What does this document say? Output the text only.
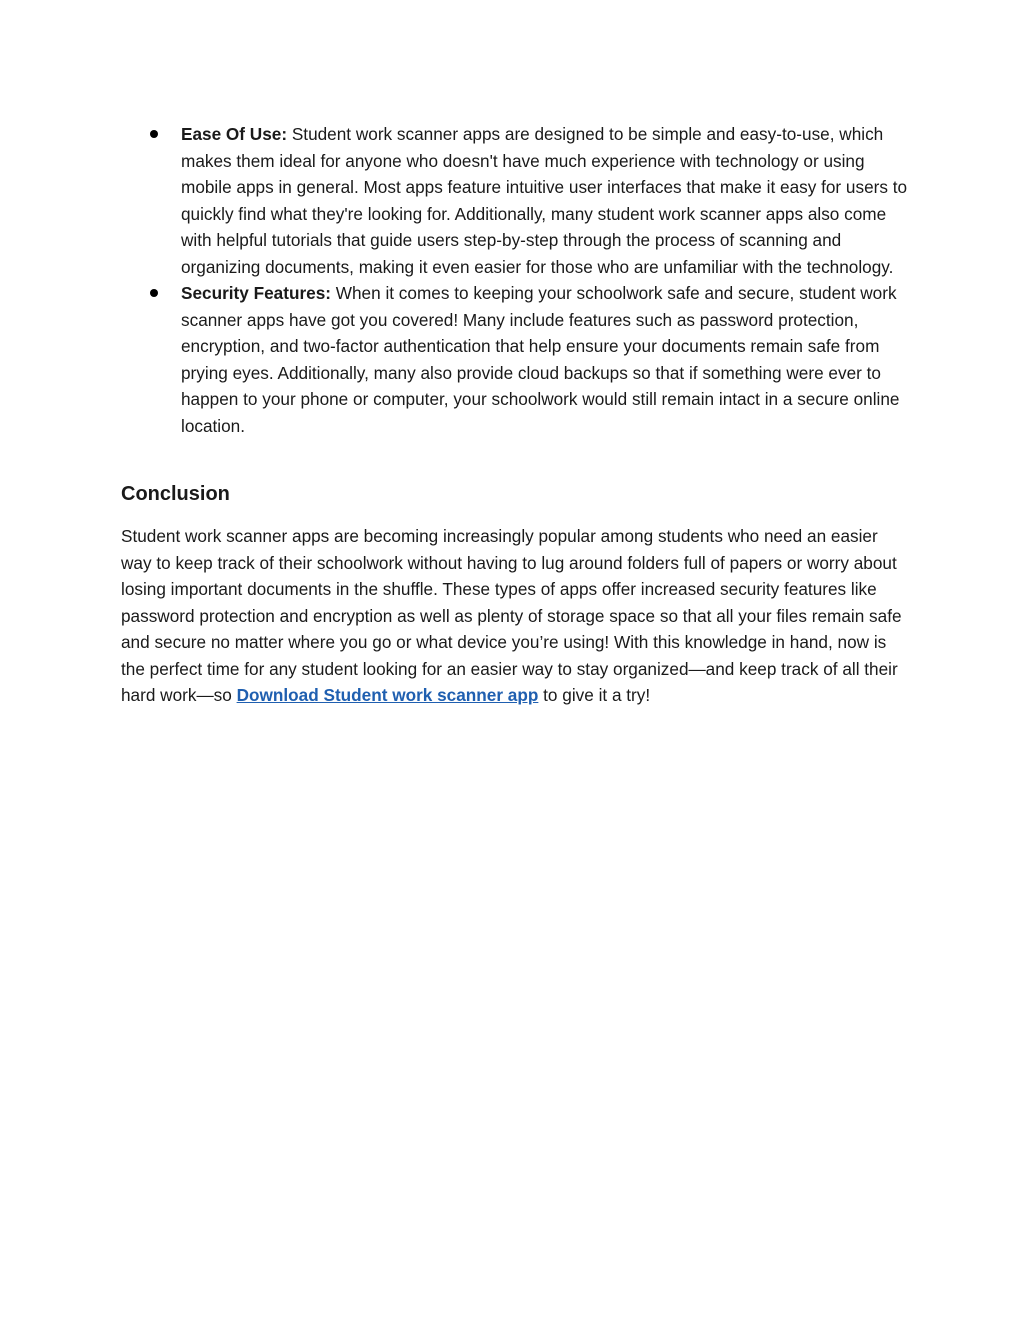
Ease Of Use: Student work scanner apps are designed to be simple and easy-to-use, which makes them ideal for anyone who doesn't have much experience with technology or using mobile apps in general. Most apps feature intuitive user interfaces that make it easy for users to quickly find what they're looking for. Additionally, many student work scanner apps also come with helpful tutorials that guide users step-by-step through the process of scanning and organizing documents, making it even easier for those who are unfamiliar with the technology.
Security Features: When it comes to keeping your schoolwork safe and secure, student work scanner apps have got you covered! Many include features such as password protection, encryption, and two-factor authentication that help ensure your documents remain safe from prying eyes. Additionally, many also provide cloud backups so that if something were ever to happen to your phone or computer, your schoolwork would still remain intact in a secure online location.
Conclusion

Student work scanner apps are becoming increasingly popular among students who need an easier way to keep track of their schoolwork without having to lug around folders full of papers or worry about losing important documents in the shuffle. These types of apps offer increased security features like password protection and encryption as well as plenty of storage space so that all your files remain safe and secure no matter where you go or what device you’re using! With this knowledge in hand, now is the perfect time for any student looking for an easier way to stay organized—and keep track of all their hard work—so Download Student work scanner app to give it a try!
